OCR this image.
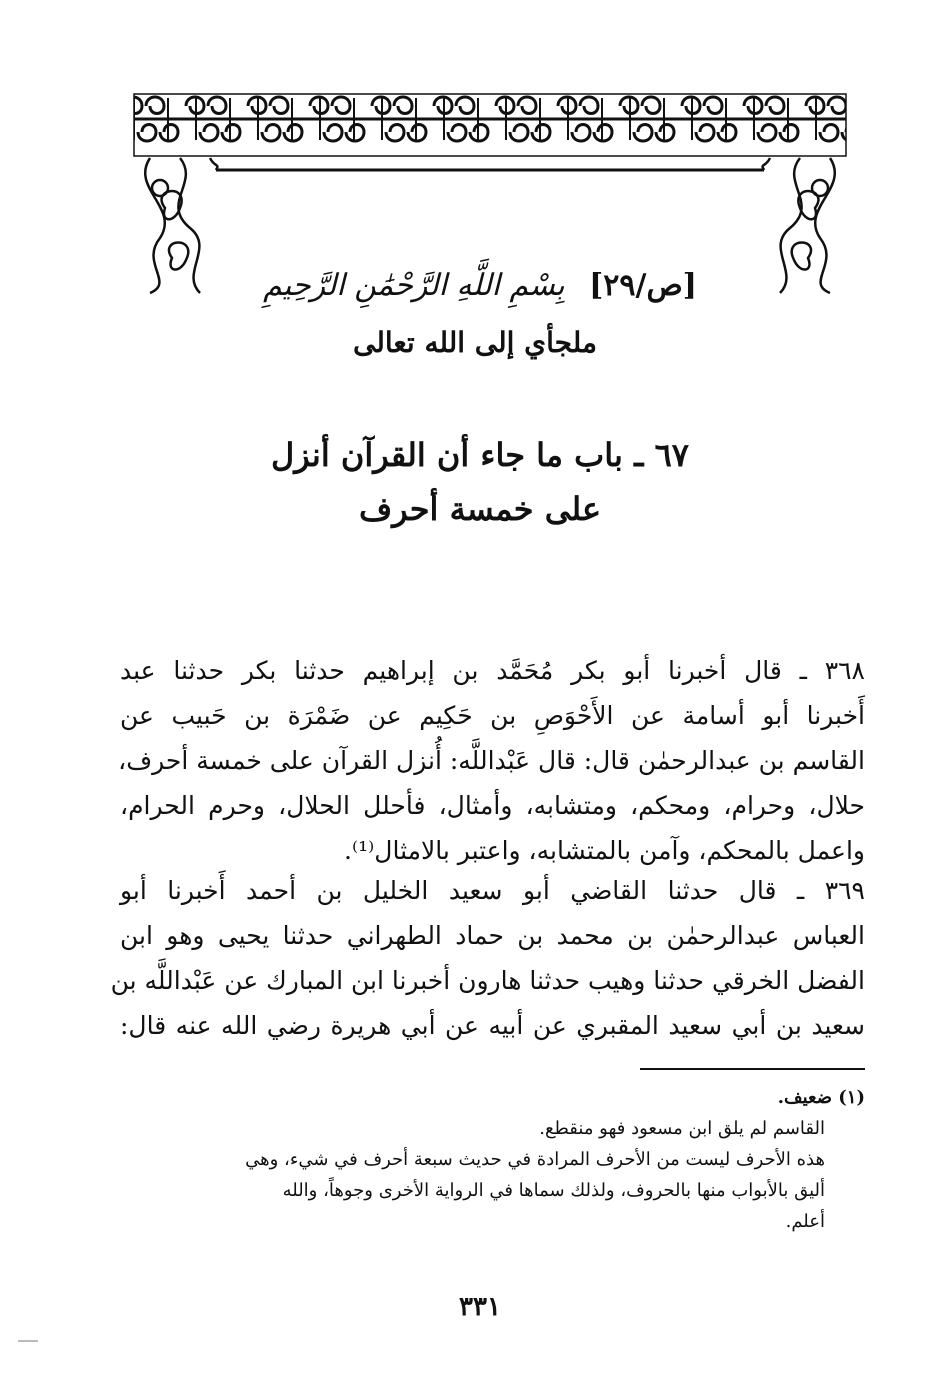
[ص/٢٩] بِسْمِ اللَّهِ الرَّحْمَٰنِ الرَّحِيمِ
ملجأي إلى الله تعالى
٦٧ ـ باب ما جاء أن القرآن أنزل
على خمسة أحرف
٣٦٨ ـ قال أخبرنا أبو بكر مُحَمَّد بن إبراهيم حدثنا بكر حدثنا عبد
أَخبرنا أبو أسامة عن الأَحْوَصِ بن حَكِيم عن ضَمْرَة بن حَبيب عن
القاسم بن عبدالرحمٰن قال: قال عَبْداللَّه: أُنزل القرآن على خمسة أحرف،
حلال، وحرام، ومحكم، ومتشابه، وأمثال، فأحلل الحلال، وحرم الحرام،
واعمل بالمحكم، وآمن بالمتشابه، واعتبر بالامثال⁽¹⁾.
٣٦٩ ـ قال حدثنا القاضي أبو سعيد الخليل بن أحمد أَخبرنا أبو
العباس عبدالرحمٰن بن محمد بن حماد الطهراني حدثنا يحيى وهو ابن
الفضل الخرقي حدثنا وهيب حدثنا هارون أخبرنا ابن المبارك عن عَبْداللَّه بن
سعيد بن أبي سعيد المقبري عن أبيه عن أبي هريرة رضي الله عنه قال:
(١) ضعيف.
القاسم لم يلق ابن مسعود فهو منقطع.
هذه الأحرف ليست من الأحرف المرادة في حديث سبعة أحرف في شيء، وهي
أليق بالأبواب منها بالحروف، ولذلك سماها في الرواية الأخرى وجوهاً، والله
أعلم.
٣٣١
